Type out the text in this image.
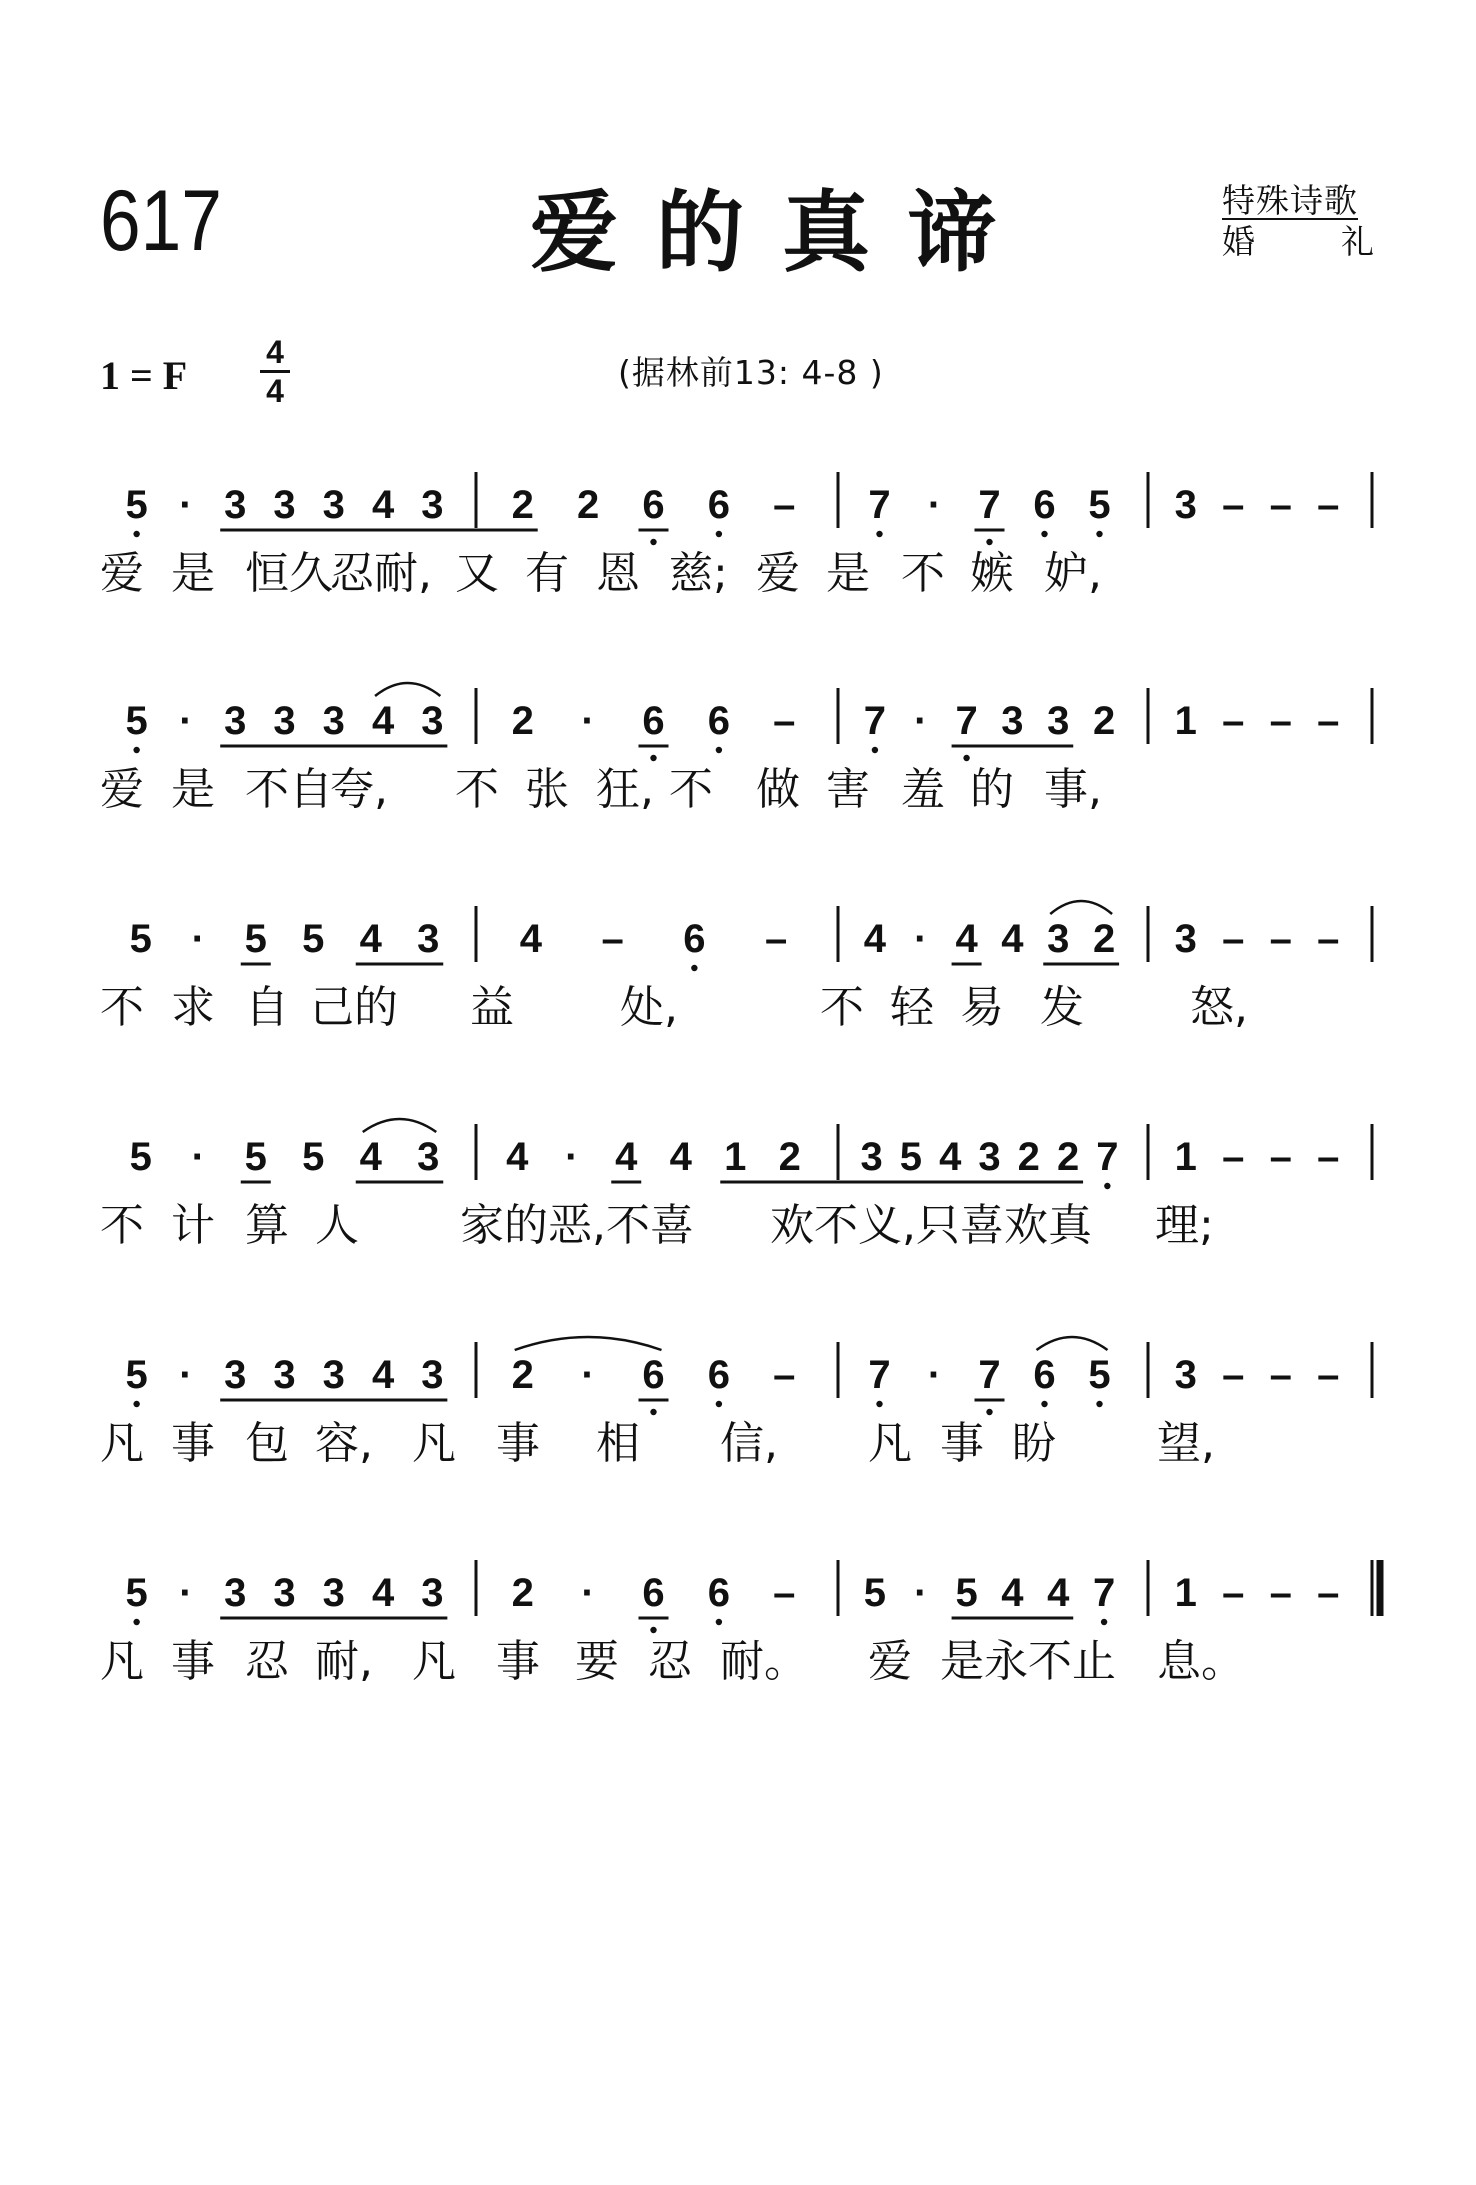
617	爱的真谛	特殊诗歌
婚	礼
1 = F
4
4	(据林前13: 4-8 )
5 · 3 3 3 4 3 2 2 6 6 – 7 · 7 6 5 3 – – –
爱 是 恒久
忍耐, 又 有 恩 慈; 爱 是 不 嫉 妒,
5 · 3 3 3 4 3 2 · 6 6 – 7 · 7 3 3 2 1 – – –
爱 是 不自
夸, 不 张 狂, 不 做 害 羞 的 事,
5 · 5 5 4 3 4 – 6 – 4 · 4 4 3 2 3 – – –
不 求 自 己的 益 处,	不 轻 易 发 怒,
5 · 5 5 4 3 4 · 4 4 1 2 3 5 4 3 2 2 7 1 – – –
不 计 算 人 家的恶,不喜 欢不义,只喜欢真 理;
5 · 3 3 3 4 3 2 · 6 6 – 7 · 7 6 5 3 – – –
凡 事 包 容, 凡 事 相 信, 凡 事 盼 望,
5 · 3 3 3 4 3 2 · 6 6 – 5 · 5 4 4 7 1 – – –
凡 事 忍 耐, 凡 事 要 忍 耐。 爱 是永不止 息。
